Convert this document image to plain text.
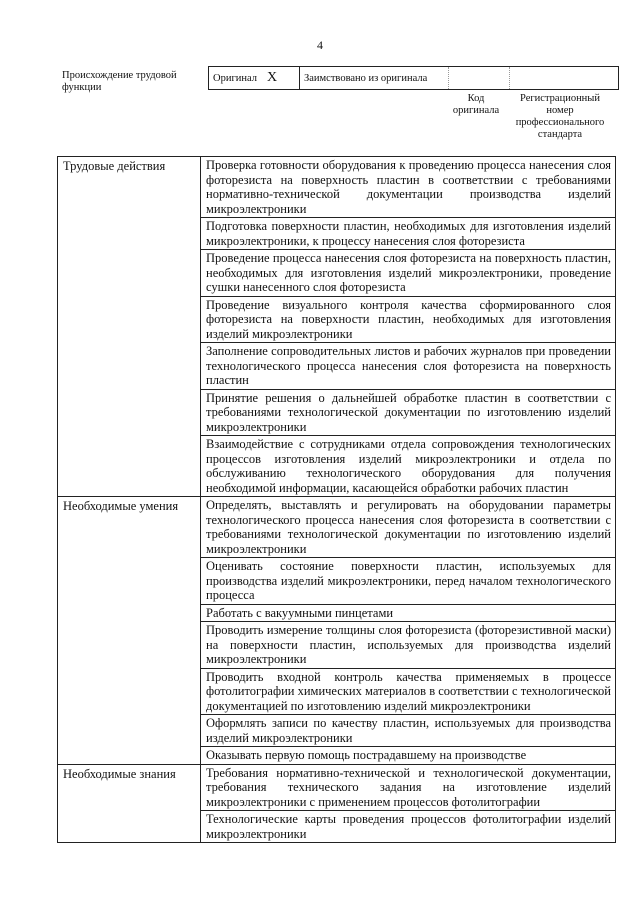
4
Происхождение трудовой функции
Оригинал X	Заимствовано из оригинала		
Код оригинала
Регистрационный номер профессионального стандарта
Трудовые действия	Проверка готовности оборудования к проведению процесса нанесения слоя фоторезиста на поверхность пластин в соответствии с требованиями нормативно-технической документации производства изделий микроэлектроники
	Подготовка поверхности пластин, необходимых для изготовления изделий микроэлектроники, к процессу нанесения слоя фоторезиста
	Проведение процесса нанесения слоя фоторезиста на поверхность пластин, необходимых для изготовления изделий микроэлектроники, проведение сушки нанесенного слоя фоторезиста
	Проведение визуального контроля качества сформированного слоя фоторезиста на поверхности пластин, необходимых для изготовления изделий микроэлектроники
	Заполнение сопроводительных листов и рабочих журналов при проведении технологического процесса нанесения слоя фоторезиста на поверхность пластин
	Принятие решения о дальнейшей обработке пластин в соответствии с требованиями технологической документации по изготовлению изделий микроэлектроники
	Взаимодействие с сотрудниками отдела сопровождения технологических процессов изготовления изделий микроэлектроники и отдела по обслуживанию технологического оборудования для получения необходимой информации, касающейся обработки рабочих пластин
Необходимые умения	Определять, выставлять и регулировать на оборудовании параметры технологического процесса нанесения слоя фоторезиста в соответствии с требованиями технологической документации по изготовлению изделий микроэлектроники
	Оценивать состояние поверхности пластин, используемых для производства изделий микроэлектроники, перед началом технологического процесса
	Работать с вакуумными пинцетами
	Проводить измерение толщины слоя фоторезиста (фоторезистивной маски) на поверхности пластин, используемых для производства изделий микроэлектроники
	Проводить входной контроль качества применяемых в процессе фотолитографии химических материалов в соответствии с технологической документацией по изготовлению изделий микроэлектроники
	Оформлять записи по качеству пластин, используемых для производства изделий микроэлектроники
	Оказывать первую помощь пострадавшему на производстве
Необходимые знания	Требования нормативно-технической и технологической документации, требования технического задания на изготовление изделий микроэлектроники с применением процессов фотолитографии
	Технологические карты проведения процессов фотолитографии изделий микроэлектроники
